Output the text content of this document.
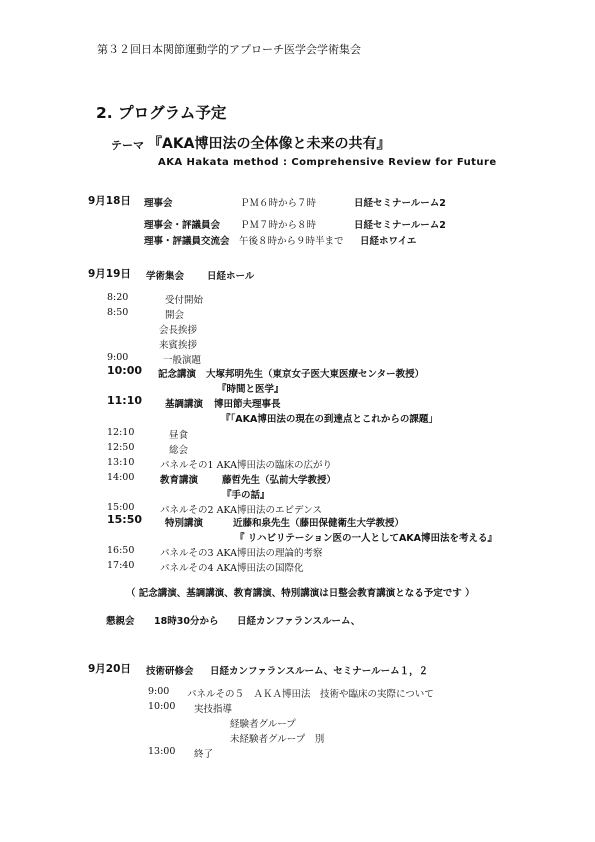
第３２回日本関節運動学的アプローチ医学会学術集会
2. プログラム予定
テーマ 『AKA博田法の全体像と未来の共有』
AKA Hakata method : Comprehensive Review for Future
9月18日 理事会	ＰＭ６時から７時	日経セミナールーム2
理事会・評議員会 ＰＭ７時から８時	日経セミナールーム2
理事・評議員交流会 午後８時から９時半まで 日経ホワイエ
9月19日 学術集会 日経ホール
8:20	受付開始
8:50	開会
会長挨拶
来賓挨拶
9:00	一般演題
10:00 記念講演 大塚邦明先生（東京女子医大東医療センター教授）
『時間と医学』
11:10 基調講演 博田節夫理事長
『「AKA博田法の現在の到達点とこれからの課題」
12:10	昼食
12:50	総会
13:10	パネルその1 AKA博田法の臨床の広がり
14:00	教育講演	藤哲先生（弘前大学教授）
『手の話』
15:00	パネルその2 AKA博田法のエビデンス
15:50 特別講演	近藤和泉先生（藤田保健衛生大学教授）
『 リハビリテーション医の一人としてAKA博田法を考える』
16:50	パネルその3 AKA博田法の理論的考察
17:40	パネルその4 AKA博田法の国際化
（ 記念講演、基調講演、教育講演、特別講演は日整会教育講演となる予定です ）
懇親会 18時30分から 日経カンファランスルーム、
9月20日 技術研修会 日経カンファランスルーム、セミナールーム１，２
9:00 パネルその５　ＡＫＡ博田法　技術や臨床の実際について
10:00 実技指導
経験者グループ
未経験者グループ　別
13:00 終了
